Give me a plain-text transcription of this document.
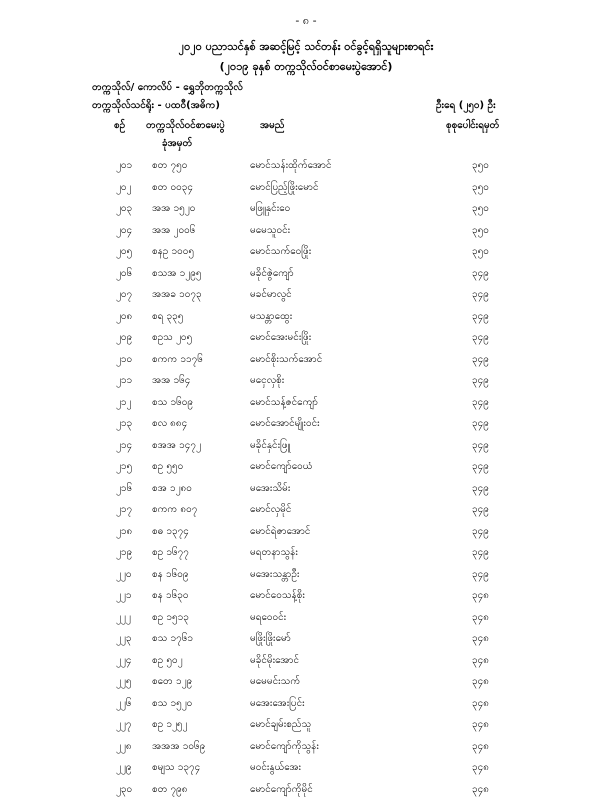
- ၈ -
၂၀၂၀ ပညာသင်နှစ် အဆင့်မြင့် သင်တန်း ဝင်ခွင့်ရရှိသူများစာရင်း
(၂၀၁၉ ခုနှစ် တက္ကသိုလ်ဝင်စာမေးပွဲအောင်)
တက္ကသိုလ်/ ကောလိပ် - ရွှေဘိုတက္ကသိုလ်
တက္ကသိုလ်သင်ရိုး - ပထဝီ(အဓိက)	ဦးရေ (၂၅၀) ဦး
စဉ် တက္ကသိုလ်ဝင်စာမေးပွဲ	အမည်	စုစုပေါင်းရမှတ်
ခုံအမှတ်
၂၀၁ စတ ၇၅၀	မောင်သန်းထိုက်အောင်	၃၅၀
၂၀၂ စတ ၀၀၃၄	မောင်ပြည့်ဖြိုးမောင်	၃၅၀
၂၀၃ အအ ၁၅၂၀	မဖြူနှင်းဝေ	၃၅၀
၂၀၄ အအ ၂၀၀၆	မမေသူဝင်း	၃၅၀
၂၀၅ စနဥ ၁၀၀၅	မောင်သက်ဝေဖြိုး	၃၅၀
၂၀၆ စသအ ၁၂၉၅	မခိုင်ဇွဲကျော်	၃၄၉
၂၀၇ အအခ ၁၀၇၃	မခင်မာလွင်	၃၄၉
၂၀၈ စရ ၃၃၅	မသန္တာထွေး	၃၄၉
၂၀၉ စဥသ ၂၀၅	မောင်အေးမင်းဖြိုး	၃၄၉
၂၁၀ စကက ၁၁၇၆	မောင်စိုးသက်အောင်	၃၄၉
၂၁၁ အအ ၁၆၄	မငှေလှစိုး	၃၄၉
၂၁၂ စသ ၁၆၀၉	မောင်သန့်ဇင်ကျော်	၃၄၉
၂၁၃ စလ ၈၈၄	မောင်အောင်မျိုးဝင်း	၃၄၉
၂၁၄ စအအ ၁၄၇၂	မခိုင်နှင်းဖြူ	၃၄၉
၂၁၅ စဥ ၅၅၀	မောင်ကျော်ဝေယံ	၃၄၉
၂၁၆ စအ ၁၂၈၀	မအေးသိမ်း	၃၄၉
၂၁၇ စကက ၈၀၇	မောင်လှမိုင်	၃၄၉
၂၁၈ စဓ ၁၃၇၄	မောင်ရဲဇာအောင်	၃၄၉
၂၁၉ စဥ ၁၆၇၇	မရတနာသွန်း	၃၄၉
၂၂၀ စန ၁၆၀၉	မအေးသန္တာဦး	၃၄၉
၂၂၁ စန ၁၆၃၀	မောင်ဝေသန့်စိုး	၃၄၈
၂၂၂ စဥ ၁၅၁၃	မရဝေဝင်း	၃၄၈
၂၂၃ စသ ၁၇၆၁	မဖြိုးဖြိုးမော်	၃၄၈
၂၂၄ စဥ ၅၀၂	မခိုင်မိုးအောင်	၃၄၈
၂၂၅ စတေ ၁၂၉	မမေမင်းသက်	၃၄၈
၂၂၆ စသ ၁၅၂၀	မအေးအေးပြင်း	၃၄၈
၂၂၇ စဥ ၁၂၅၂	မောင်ချမ်းစည်သူ	၃၄၈
၂၂၈ အအအ ၁၀၆၉	မောင်ကျော်ကိုသွန်း	၃၄၈
၂၂၉ စမျသ ၁၃၇၄	မဝင်းနွယ်အေး	၃၄၈
၂၃၀ စတ ၇၉၈	မောင်ကျော်ကိုမိုင်	၃၄၈
